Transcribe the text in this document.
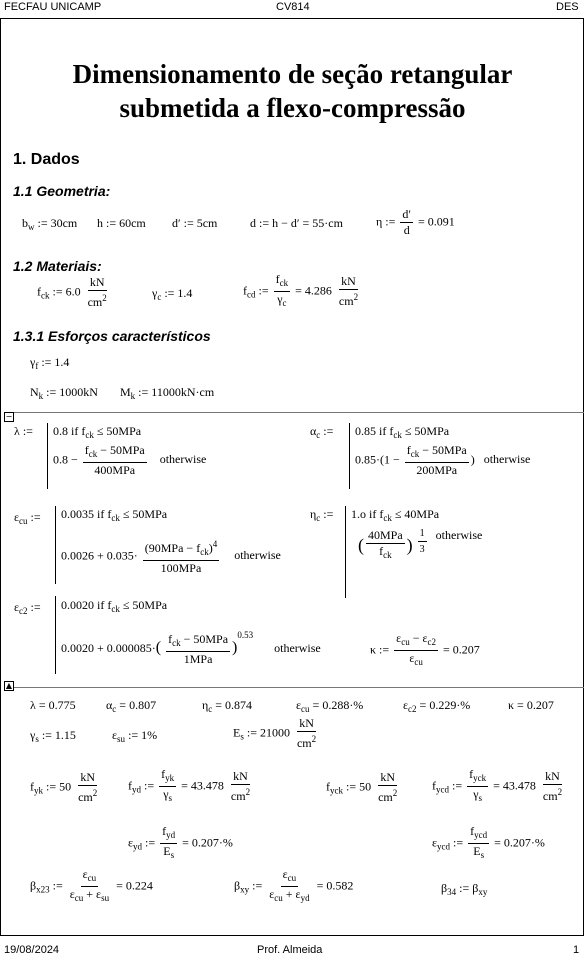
FECFAU UNICAMP	CV814	DES
19/08/2024	Prof. Almeida	1
Dimensionamento de seção retangular
submetida a flexo-compressão
1. Dados
1.1 Geometria:
$b_w$ := 30cm h := 60cm d′ := 5cm	d := h − d′ = 55·cm	η := $\frac{d'}{d} = 0.091$
1.2 Materiais:
$f_{ck}$ := $6.0 \frac{kN}{cm^2}$	$\gamma_c$ := 1.4	$f_{cd}$ := $\frac{f_{ck}}{\gamma_c} = 4.286 \frac{kN}{cm^2}$
1.3.1 Esforços característicos
$\gamma_f$ := 1.4
$N_k$ := 1000kN $M_k$ := 11000kN·cm
−
λ := 0.8 if $f_{ck} \le 50MPa$
$0.8 - \frac{f_{ck} - 50MPa}{\text{400MPa}}$ otherwise
$\alpha_c$ := 0.85 if $f_{ck} \le 50MPa$
$0.85\cdot(1 - \frac{f_{ck} - 50MPa}{\text{200MPa}}$ ) otherwise
$\varepsilon_{cu}$ := 0.0035 if $f_{ck} \le 50MPa$
$0.0026 + 0.035\cdot \frac{(90MPa - f_{ck})^4}{\text{100MPa}}$ otherwise
$\eta_c$ := 1.o if $f_{ck} \le 40MPa$
( $\frac{\text{40MPa}}{f_{ck}}$ ) $\frac{1}{3}$ otherwise
$\varepsilon_{c2}$ := 0.0020 if $f_{ck} \le 50MPa$
$0.0020 + 0.000085\cdot( \frac{f_{ck} - 50MPa}{\text{1MPa}} )^{0.53}$ otherwise	κ := $\frac{\varepsilon_{cu} - \varepsilon_{c2}}{\varepsilon_{cu}} = 0.207$
▲
λ = 0.775	$\alpha_c = 0.807$	$\eta_c = 0.874$	$\varepsilon_{cu} = 0.288\cdot\%$	$\varepsilon_{c2} = 0.229\cdot\%$	κ = 0.207
$\gamma_s$ := 1.15	$\varepsilon_{su}$ := 1%	$E_s$ := $21000 \frac{kN}{cm^2}$
$f_{yk}$ := $50 \frac{kN}{cm^2} f_{yd}$ := $\frac{f_{yk}}{\gamma_s} = 43.478 \frac{kN}{cm^2}$	$f_{yck}$ := $50 \frac{kN}{cm^2}$	$f_{ycd}$ := $\frac{f_{yck}}{\gamma_s} = 43.478 \frac{kN}{cm^2}$
$\varepsilon_{yd}$ := $\frac{f_{yd}}{E_s} = 0.207\cdot\%$	$\varepsilon_{ycd}$ := $\frac{f_{ycd}}{E_s} = 0.207\cdot\%$
$\beta_{x23}$ := $\frac{\varepsilon_{cu}}{\varepsilon_{cu} + \varepsilon_{su}} = 0.224$	$\beta_{xy}$ := $\frac{\varepsilon_{cu}}{\varepsilon_{cu} + \varepsilon_{yd}} = 0.582$	$\beta_{34}$ := $\beta_{xy}$
